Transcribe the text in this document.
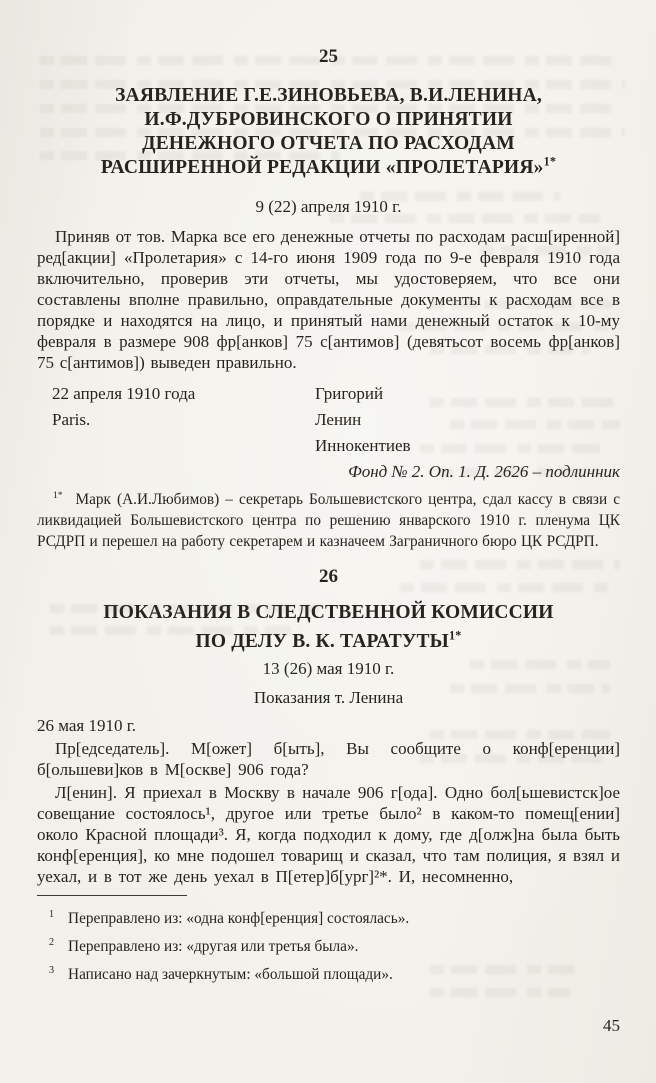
25
ЗАЯВЛЕНИЕ Г.Е.ЗИНОВЬЕВА, В.И.ЛЕНИНА,
И.Ф.ДУБРОВИНСКОГО О ПРИНЯТИИ
ДЕНЕЖНОГО ОТЧЕТА ПО РАСХОДАМ
РАСШИРЕННОЙ РЕДАКЦИИ «ПРОЛЕТАРИЯ»$^{1*}$
9 (22) апреля 1910 г.

Приняв от тов. Марка все его денежные отчеты по расходам расш[иренной] ред[акции] «Пролетария» с 14-го июня 1909 года по 9-е февраля 1910 года включительно, проверив эти отчеты, мы удостоверяем, что все они составлены вполне правильно, оправдательные документы к расходам все в порядке и находятся на лицо, и принятый нами денежный остаток к 10-му февраля в размере 908 фр[анков] 75 с[антимов] (девятьсот восемь фр[анков] 75 с[антимов]) выведен правильно.

22 апреля 1910 года
Paris.
Григорий
Ленин
Иннокентиев
Фонд № 2. Оп. 1. Д. 2626 – подлинник

$^{1*}$ Марк (А.И.Любимов) – секретарь Большевистского центра, сдал кассу в связи с ликвидацией Большевистского центра по решению январского 1910 г. пленума ЦК РСДРП и перешел на работу секретарем и казначеем Заграничного бюро ЦК РСДРП.

26
ПОКАЗАНИЯ В СЛЕДСТВЕННОЙ КОМИССИИ
ПО ДЕЛУ В. К. $ТАРАТУТЫ^{1*}$
13 (26) мая 1910 г.
Показания т. Ленина
26 мая 1910 г.

Пр[едседатель]. М[ожет] б[ыть], Вы сообщите о конф[еренции] б[ольшеви]ков в М[оскве] 906 года?

Л[енин]. Я приехал в Москву в начале 906 г[ода]. Одно бол[ьшевистск]ое совещание состоялось¹, другое или третье было² в каком-то помещ[ении] около Красной площади³. Я, когда подходил к дому, где д[олж]на была быть конф[еренция], ко мне подошел товарищ и сказал, что там полиция, я взял и уехал, и в тот же день уехал в П[етер]б[ург]²*. И, несомненно,

$^1$ Переправлено из: «одна конф[еренция] состоялась».
$^2$ Переправлено из: «другая или третья была».
$^3$ Написано над зачеркнутым: «большой площади».
45
